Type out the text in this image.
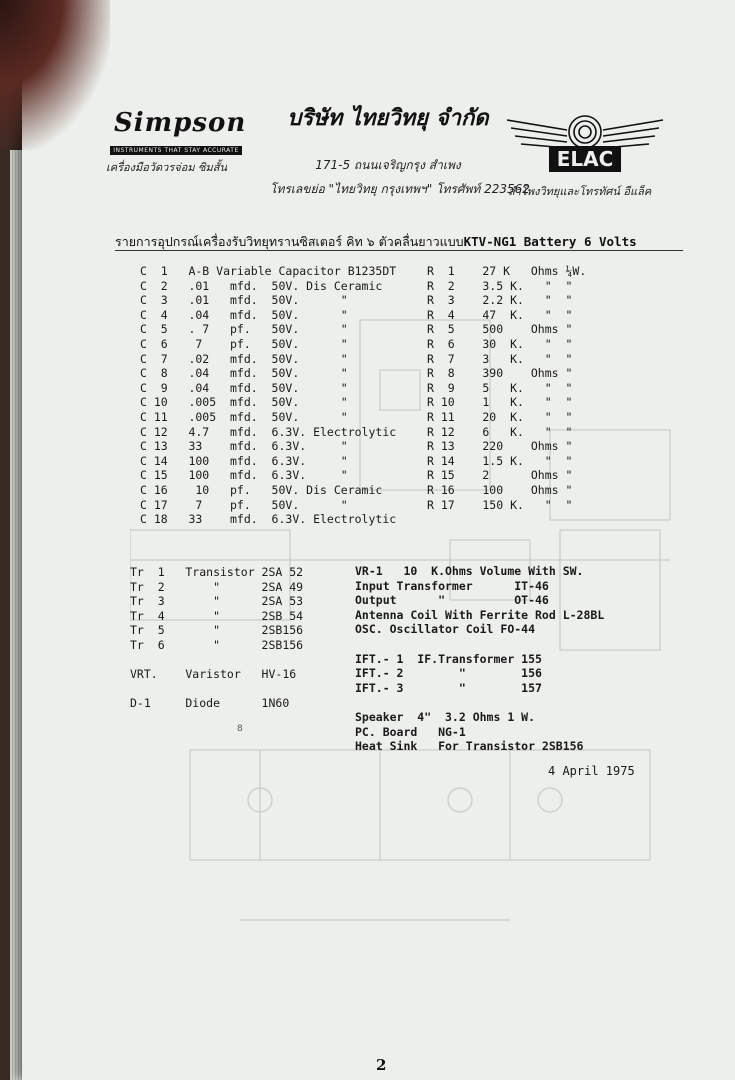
Simpson
INSTRUMENTS THAT STAY ACCURATE
เครื่องมือวัดวรจ่อม ซิมสั้น
บริษัท ไทยวิทยุ จำกัด
171-5 ถนนเจริญกรุง สำเพง
โทรเลขย่อ "ไทยวิทยุ กรุงเทพฯ" โทรศัพท์ 223562
ELAC
ลำโพงวิทยุและโทรทัศน์ อีแล็ค
รายการอุปกรณ์เครื่องรับวิทยุทรานซิสเตอร์ คิท ๖ ตัวคลื่นยาวแบบKTV-NG1 Battery 6 Volts
C  1   A-B Variable Capacitor B1235DT
C  2   .01   mfd.  50V. Dis Ceramic
C  3   .01   mfd.  50V.      "
C  4   .04   mfd.  50V.      "
C  5   . 7   pf.   50V.      "
C  6    7    pf.   50V.      "
C  7   .02   mfd.  50V.      "
C  8   .04   mfd.  50V.      "
C  9   .04   mfd.  50V.      "
C 10   .005  mfd.  50V.      "
C 11   .005  mfd.  50V.      "
C 12   4.7   mfd.  6.3V. Electrolytic
C 13   33    mfd.  6.3V.     "
C 14   100   mfd.  6.3V.     "
C 15   100   mfd.  6.3V.     "
C 16    10   pf.   50V. Dis Ceramic
C 17    7    pf.   50V.      "
C 18   33    mfd.  6.3V. Electrolytic
R  1    27 K   Ohms ¼W.
R  2    3.5 K.   "  "
R  3    2.2 K.   "  "
R  4    47  K.   "  "
R  5    500    Ohms "
R  6    30  K.   "  "
R  7    3   K.   "  "
R  8    390    Ohms "
R  9    5   K.   "  "
R 10    1   K.   "  "
R 11    20  K.   "  "
R 12    6   K.   "  "
R 13    220    Ohms "
R 14    1.5 K.   "  "
R 15    2      Ohms "
R 16    100    Ohms "
R 17    150 K.   "  "
Tr  1   Transistor 2SA 52
Tr  2       "      2SA 49
Tr  3       "      2SA 53
Tr  4       "      2SB 54
Tr  5       "      2SB156
Tr  6       "      2SB156
VRT.    Varistor   HV-16
D-1     Diode      1N60
VR-1   10  K.Ohms Volume With SW.
Input Transformer      IT-46
Output      "          OT-46
Antenna Coil With Ferrite Rod L-28BL
OSC. Oscillator Coil FO-44
IFT.- 1  IF.Transformer 155
IFT.- 2        "        156
IFT.- 3        "        157
Speaker  4"  3.2 Ohms 1 W.
PC. Board   NG-1
Heat Sink   For Transistor 2SB156
8
4 April 1975
2
